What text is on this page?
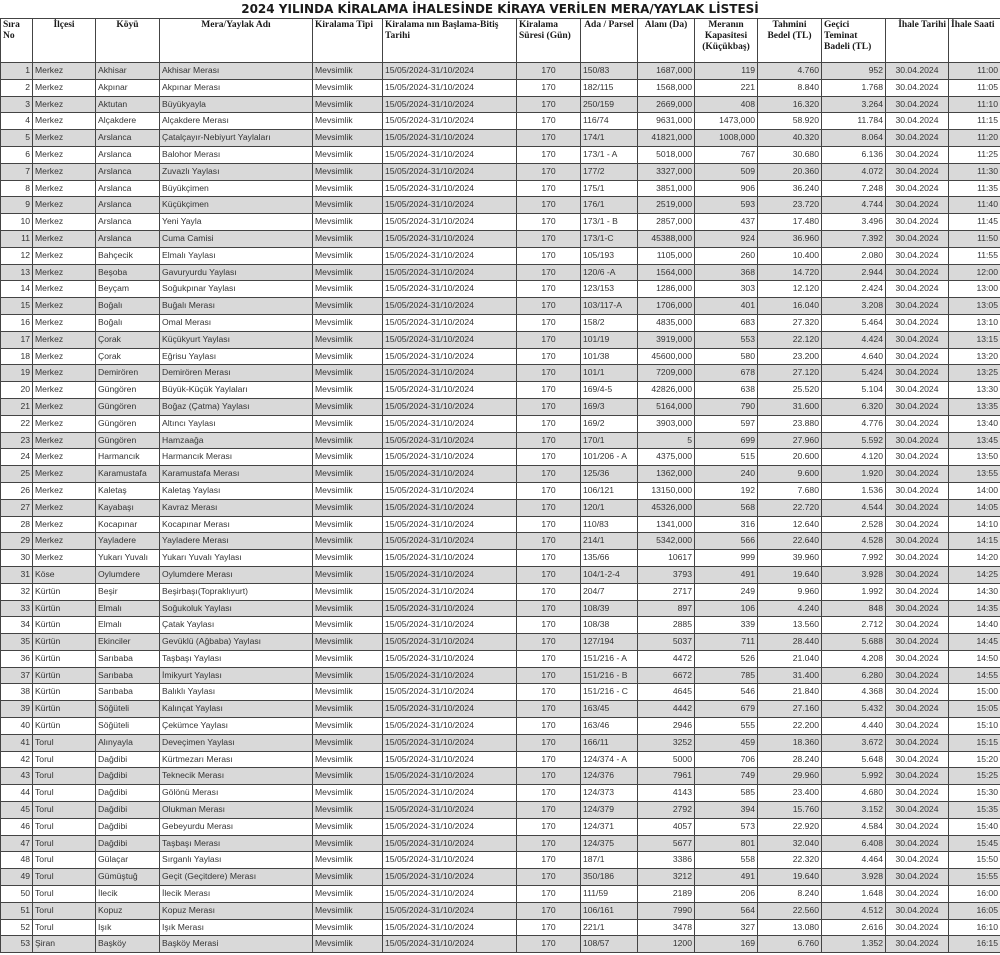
2024 YILINDA KİRALAMA İHALESİNDE KİRAYA VERİLEN MERA/YAYLAK LİSTESİ
Sıra No	İlçesi	Köyü	Mera/Yaylak Adı	Kiralama Tipi	Kiralama nın Başlama-Bitiş Tarihi	Kiralama Süresi (Gün)	Ada / Parsel	Alanı (Da)	Meranın Kapasitesi (Küçükbaş)	Tahmini Bedel (TL)	Geçici Teminat Badeli (TL)	İhale Tarihi	İhale Saati
1	Merkez	Akhisar	Akhisar Merası	Mevsimlik	15/05/2024-31/10/2024	170	150/83	1687,000	119	4.760	952	30.04.2024	11:00
2	Merkez	Akpınar	Akpınar Merası	Mevsimlik	15/05/2024-31/10/2024	170	182/115	1568,000	221	8.840	1.768	30.04.2024	11:05
3	Merkez	Aktutan	Büyükyayla	Mevsimlik	15/05/2024-31/10/2024	170	250/159	2669,000	408	16.320	3.264	30.04.2024	11:10
4	Merkez	Alçakdere	Alçakdere Merası	Mevsimlik	15/05/2024-31/10/2024	170	116/74	9631,000	1473,000	58.920	11.784	30.04.2024	11:15
5	Merkez	Arslanca	Çatalçayır-Nebiyurt Yaylaları	Mevsimlik	15/05/2024-31/10/2024	170	174/1	41821,000	1008,000	40.320	8.064	30.04.2024	11:20
6	Merkez	Arslanca	Balohor Merası	Mevsimlik	15/05/2024-31/10/2024	170	173/1 - A	5018,000	767	30.680	6.136	30.04.2024	11:25
7	Merkez	Arslanca	Zuvazlı Yaylası	Mevsimlik	15/05/2024-31/10/2024	170	177/2	3327,000	509	20.360	4.072	30.04.2024	11:30
8	Merkez	Arslanca	Büyükçimen	Mevsimlik	15/05/2024-31/10/2024	170	175/1	3851,000	906	36.240	7.248	30.04.2024	11:35
9	Merkez	Arslanca	Küçükçimen	Mevsimlik	15/05/2024-31/10/2024	170	176/1	2519,000	593	23.720	4.744	30.04.2024	11:40
10	Merkez	Arslanca	Yeni Yayla	Mevsimlik	15/05/2024-31/10/2024	170	173/1 - B	2857,000	437	17.480	3.496	30.04.2024	11:45
11	Merkez	Arslanca	Cuma Camisi	Mevsimlik	15/05/2024-31/10/2024	170	173/1-C	45388,000	924	36.960	7.392	30.04.2024	11:50
12	Merkez	Bahçecik	Elmalı Yaylası	Mevsimlik	15/05/2024-31/10/2024	170	105/193	1105,000	260	10.400	2.080	30.04.2024	11:55
13	Merkez	Beşoba	Gavuryurdu Yaylası	Mevsimlik	15/05/2024-31/10/2024	170	120/6 -A	1564,000	368	14.720	2.944	30.04.2024	12:00
14	Merkez	Beyçam	Soğukpınar Yaylası	Mevsimlik	15/05/2024-31/10/2024	170	123/153	1286,000	303	12.120	2.424	30.04.2024	13:00
15	Merkez	Boğalı	Buğalı Merası	Mevsimlik	15/05/2024-31/10/2024	170	103/117-A	1706,000	401	16.040	3.208	30.04.2024	13:05
16	Merkez	Boğalı	Omal Merası	Mevsimlik	15/05/2024-31/10/2024	170	158/2	4835,000	683	27.320	5.464	30.04.2024	13:10
17	Merkez	Çorak	Küçükyurt Yaylası	Mevsimlik	15/05/2024-31/10/2024	170	101/19	3919,000	553	22.120	4.424	30.04.2024	13:15
18	Merkez	Çorak	Eğrisu Yaylası	Mevsimlik	15/05/2024-31/10/2024	170	101/38	45600,000	580	23.200	4.640	30.04.2024	13:20
19	Merkez	Demirören	Demirören Merası	Mevsimlik	15/05/2024-31/10/2024	170	101/1	7209,000	678	27.120	5.424	30.04.2024	13:25
20	Merkez	Güngören	Büyük-Küçük Yaylaları	Mevsimlik	15/05/2024-31/10/2024	170	169/4-5	42826,000	638	25.520	5.104	30.04.2024	13:30
21	Merkez	Güngören	Boğaz (Çatma) Yaylası	Mevsimlik	15/05/2024-31/10/2024	170	169/3	5164,000	790	31.600	6.320	30.04.2024	13:35
22	Merkez	Güngören	Altıncı Yaylası	Mevsimlik	15/05/2024-31/10/2024	170	169/2	3903,000	597	23.880	4.776	30.04.2024	13:40
23	Merkez	Güngören	Hamzaağa	Mevsimlik	15/05/2024-31/10/2024	170	170/1	5	699	27.960	5.592	30.04.2024	13:45
24	Merkez	Harmancık	Harmancık Merası	Mevsimlik	15/05/2024-31/10/2024	170	101/206 - A	4375,000	515	20.600	4.120	30.04.2024	13:50
25	Merkez	Karamustafa	Karamustafa Merası	Mevsimlik	15/05/2024-31/10/2024	170	125/36	1362,000	240	9.600	1.920	30.04.2024	13:55
26	Merkez	Kaletaş	Kaletaş Yaylası	Mevsimlik	15/05/2024-31/10/2024	170	106/121	13150,000	192	7.680	1.536	30.04.2024	14:00
27	Merkez	Kayabaşı	Kavraz Merası	Mevsimlik	15/05/2024-31/10/2024	170	120/1	45326,000	568	22.720	4.544	30.04.2024	14:05
28	Merkez	Kocapınar	Kocapınar Merası	Mevsimlik	15/05/2024-31/10/2024	170	110/83	1341,000	316	12.640	2.528	30.04.2024	14:10
29	Merkez	Yayladere	Yayladere Merası	Mevsimlik	15/05/2024-31/10/2024	170	214/1	5342,000	566	22.640	4.528	30.04.2024	14:15
30	Merkez	Yukarı Yuvalı	Yukarı Yuvalı Yaylası	Mevsimlik	15/05/2024-31/10/2024	170	135/66	10617	999	39.960	7.992	30.04.2024	14:20
31	Köse	Oylumdere	Oylumdere Merası	Mevsimlik	15/05/2024-31/10/2024	170	104/1-2-4	3793	491	19.640	3.928	30.04.2024	14:25
32	Kürtün	Beşir	Beşirbaşı(Topraklıyurt)	Mevsimlik	15/05/2024-31/10/2024	170	204/7	2717	249	9.960	1.992	30.04.2024	14:30
33	Kürtün	Elmalı	Soğukoluk Yaylası	Mevsimlik	15/05/2024-31/10/2024	170	108/39	897	106	4.240	848	30.04.2024	14:35
34	Kürtün	Elmalı	Çatak Yaylası	Mevsimlik	15/05/2024-31/10/2024	170	108/38	2885	339	13.560	2.712	30.04.2024	14:40
35	Kürtün	Ekinciler	Gevüklü (Ağbaba) Yaylası	Mevsimlik	15/05/2024-31/10/2024	170	127/194	5037	711	28.440	5.688	30.04.2024	14:45
36	Kürtün	Sarıbaba	Taşbaşı Yaylası	Mevsimlik	15/05/2024-31/10/2024	170	151/216 - A	4472	526	21.040	4.208	30.04.2024	14:50
37	Kürtün	Sarıbaba	İmikyurt Yaylası	Mevsimlik	15/05/2024-31/10/2024	170	151/216 - B	6672	785	31.400	6.280	30.04.2024	14:55
38	Kürtün	Sarıbaba	Balıklı Yaylası	Mevsimlik	15/05/2024-31/10/2024	170	151/216 - C	4645	546	21.840	4.368	30.04.2024	15:00
39	Kürtün	Söğüteli	Kalınçat Yaylası	Mevsimlik	15/05/2024-31/10/2024	170	163/45	4442	679	27.160	5.432	30.04.2024	15:05
40	Kürtün	Söğüteli	Çekümce Yaylası	Mevsimlik	15/05/2024-31/10/2024	170	163/46	2946	555	22.200	4.440	30.04.2024	15:10
41	Torul	Alınyayla	Deveçimen Yaylası	Mevsimlik	15/05/2024-31/10/2024	170	166/11	3252	459	18.360	3.672	30.04.2024	15:15
42	Torul	Dağdibi	Kürtmezarı Merası	Mevsimlik	15/05/2024-31/10/2024	170	124/374 - A	5000	706	28.240	5.648	30.04.2024	15:20
43	Torul	Dağdibi	Teknecik Merası	Mevsimlik	15/05/2024-31/10/2024	170	124/376	7961	749	29.960	5.992	30.04.2024	15:25
44	Torul	Dağdibi	Gölönü Merası	Mevsimlik	15/05/2024-31/10/2024	170	124/373	4143	585	23.400	4.680	30.04.2024	15:30
45	Torul	Dağdibi	Olukman Merası	Mevsimlik	15/05/2024-31/10/2024	170	124/379	2792	394	15.760	3.152	30.04.2024	15:35
46	Torul	Dağdibi	Gebeyurdu Merası	Mevsimlik	15/05/2024-31/10/2024	170	124/371	4057	573	22.920	4.584	30.04.2024	15:40
47	Torul	Dağdibi	Taşbaşı Merası	Mevsimlik	15/05/2024-31/10/2024	170	124/375	5677	801	32.040	6.408	30.04.2024	15:45
48	Torul	Gülaçar	Sırganlı Yaylası	Mevsimlik	15/05/2024-31/10/2024	170	187/1	3386	558	22.320	4.464	30.04.2024	15:50
49	Torul	Gümüştuğ	Geçit (Geçitdere) Merası	Mevsimlik	15/05/2024-31/10/2024	170	350/186	3212	491	19.640	3.928	30.04.2024	15:55
50	Torul	İlecik	İlecik Merası	Mevsimlik	15/05/2024-31/10/2024	170	111/59	2189	206	8.240	1.648	30.04.2024	16:00
51	Torul	Kopuz	Kopuz Merası	Mevsimlik	15/05/2024-31/10/2024	170	106/161	7990	564	22.560	4.512	30.04.2024	16:05
52	Torul	Işık	Işık Merası	Mevsimlik	15/05/2024-31/10/2024	170	221/1	3478	327	13.080	2.616	30.04.2024	16:10
53	Şiran	Başköy	Başköy Merasi	Mevsimlik	15/05/2024-31/10/2024	170	108/57	1200	169	6.760	1.352	30.04.2024	16:15
